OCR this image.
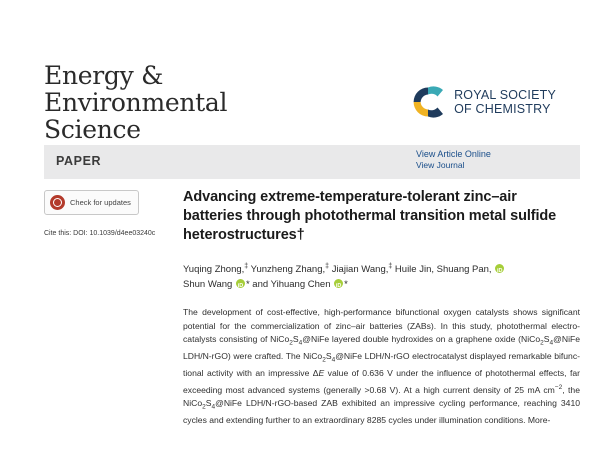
Energy &
Environmental
Science
ROYAL SOCIETY
OF CHEMISTRY
PAPER	View Article Online
View Journal
Check for updates
Cite this: DOI: 10.1039/d4ee03240c
Advancing extreme-temperature-tolerant zinc–air batteries through photothermal transition metal sulfide heterostructures†
Yuqing Zhong,‡ Yunzheng Zhang,‡ Jiajian Wang,‡ Huile Jin, Shuang Pan, iD
Shun Wang iD * and Yihuang Chen iD *

The development of cost-effective, high-performance bifunctional oxygen catalysts shows significant potential for the commercialization of zinc–air batteries (ZABs). In this study, photothermal electro- catalysts consisting of $NiCo_2S_4@NiFe$ layered double hydroxides on a graphene oxide ($NiCo_2S_4@NiFe$ LDH/N-rGO) were crafted. The $NiCo_2S_4@NiFe$ LDH/N-rGO electrocatalyst displayed remarkable bifunc- tional activity with an impressive ΔE value of 0.636 V under the influence of photothermal effects, far exceeding most advanced systems (generally >0.68 V). At a high current density of 25 mA $cm^{-2}$, the $NiCo_2S_4@NiFe$ LDH/N-rGO-based ZAB exhibited an impressive cycling performance, reaching 3410 cycles and extending further to an extraordinary 8285 cycles under illumination conditions. More-
